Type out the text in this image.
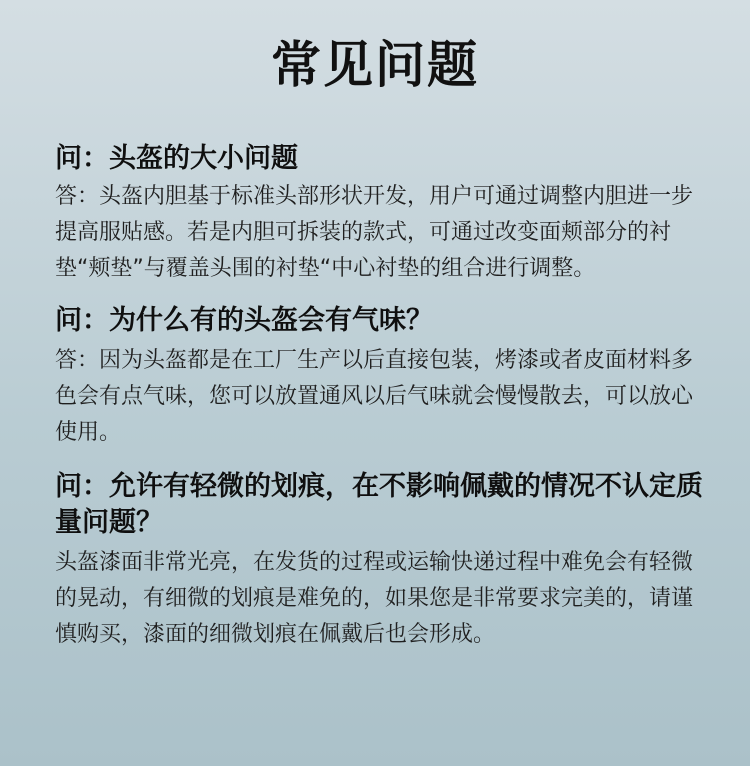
常见问题
问：头盔的大小问题

答：头盔内胆基于标准头部形状开发，用户可通过调整内胆进一步提高服贴感。若是内胆可拆装的款式，可通过改变面颊部分的衬垫“颊垫”与覆盖头围的衬垫“中心衬垫的组合进行调整。

问：为什么有的头盔会有气味？

答：因为头盔都是在工厂生产以后直接包装，烤漆或者皮面材料多色会有点气味，您可以放置通风以后气味就会慢慢散去，可以放心使用。

问：允许有轻微的划痕，在不影响佩戴的情况不认定质量问题？

头盔漆面非常光亮，在发货的过程或运输快递过程中难免会有轻微的晃动，有细微的划痕是难免的，如果您是非常要求完美的，请谨慎购买，漆面的细微划痕在佩戴后也会形成。
